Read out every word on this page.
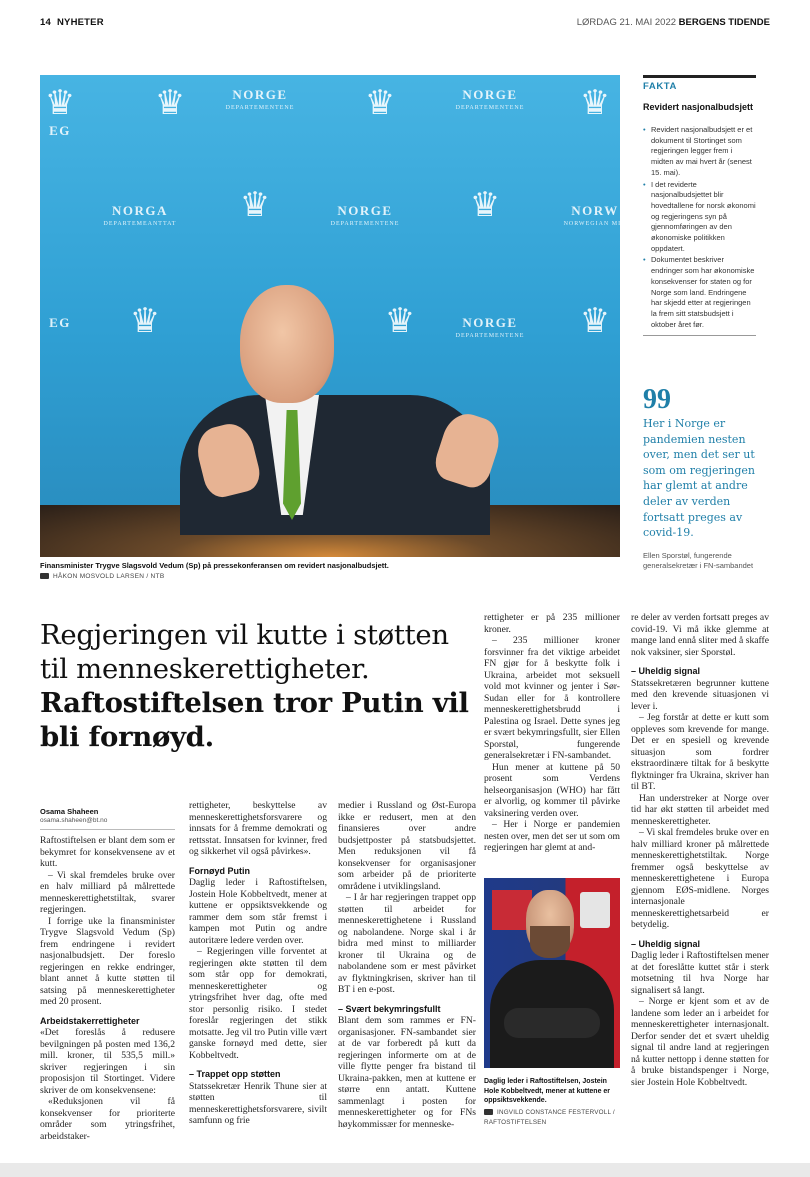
14 NYHETER	LØRDAG 21. MAI 2022 BERGENS TIDENDE
♛
EG
♛	NORGE
DEPARTEMENTENE	♛	NORGE
DEPARTEMENTENE	♛
NORGA
DEPARTEMEANTTAT	♛	NORGE
DEPARTEMENTENE	♛	NORW
NORWEGIAN MIN
EG	♛	♛	NORGE
DEPARTEMENTENE	♛
Finansminister Trygve Slagsvold Vedum (Sp) på pressekonferansen om revidert nasjonalbudsjett.
HÅKON MOSVOLD LARSEN / NTB
FAKTA
Revidert nasjonalbudsjett
• Revidert nasjonalbudsjett er et dokument til Stortinget som regjeringen legger frem i midten av mai hvert år (senest 15. mai).
• I det reviderte nasjonalbudsjettet blir hovedtallene for norsk økonomi og regjeringens syn på gjennomføringen av den økonomiske politikken oppdatert.
• Dokumentet beskriver endringer som har økonomiske konsekvenser for staten og for Norge som land. Endringene har skjedd etter at regjeringen la frem sitt statsbudsjett i oktober året før.
99
Her i Norge er pandemien nesten over, men det ser ut som om regjeringen har glemt at andre deler av verden fortsatt preges av covid-19.
Ellen Sporstøl, fungerende generalsekretær i FN-sambandet
Regjeringen vil kutte i støtten til menneskerettigheter. Raftostiftelsen tror Putin vil bli fornøyd.
Osama Shaheen
osama.shaheen@bt.no

Raftostiftelsen er blant dem som er bekymret for konsekvensene av et kutt.

– Vi skal fremdeles bruke over en halv milliard på målrettede menneskerettighetstiltak, svarer regjeringen.

I forrige uke la finansminister Trygve Slagsvold Vedum (Sp) frem endringene i revidert nasjonalbudsjett. Der foreslo regjeringen en rekke endringer, blant annet å kutte støtten til satsing på menneskerettigheter med 20 prosent.

Arbeidstakerrettigheter

«Det foreslås å redusere bevilgningen på posten med 136,2 mill. kroner, til 535,5 mill.» skriver regjeringen i sin proposisjon til Stortinget. Videre skriver de om konsekvensene:

«Reduksjonen vil få konsekvenser for prioriterte områder som ytringsfrihet, arbeidstaker-

rettigheter, beskyttelse av menneskerettighetsforsvarere og innsats for å fremme demokrati og rettsstat. Innsatsen for kvinner, fred og sikkerhet vil også påvirkes».

Fornøyd Putin

Daglig leder i Raftostiftelsen, Jostein Hole Kobbeltvedt, mener at kuttene er oppsiktsvekkende og rammer dem som står fremst i kampen mot Putin og andre autoritære ledere verden over.

– Regjeringen ville forventet at regjeringen økte støtten til dem som står opp for demokrati, menneskerettigheter og ytringsfrihet hver dag, ofte med stor personlig risiko. I stedet foreslår regjeringen det stikk motsatte. Jeg vil tro Putin ville vært ganske fornøyd med dette, sier Kobbeltvedt.

– Trappet opp støtten

Statssekretær Henrik Thune sier at støtten til menneskerettighetsforsvarere, sivilt samfunn og frie

medier i Russland og Øst-Europa ikke er redusert, men at den finansieres over andre budsjettposter på statsbudsjettet. Men reduksjonen vil få konsekvenser for organisasjoner som arbeider på de prioriterte områdene i utviklingsland.

– I år har regjeringen trappet opp støtten til arbeidet for menneskerettighetene i Russland og nabolandene. Norge skal i år bidra med minst to milliarder kroner til Ukraina og de nabolandene som er mest påvirket av flyktningkrisen, skriver han til BT i en e-post.

– Svært bekymringsfullt

Blant dem som rammes er FN-organisasjoner. FN-sambandet sier at de var forberedt på kutt da regjeringen informerte om at de ville flytte penger fra bistand til Ukraina-pakken, men at kuttene er større enn antatt. Kuttene sammenlagt i posten for menneskerettigheter og for FNs høykommissær for menneske-

rettigheter er på 235 millioner kroner.

– 235 millioner kroner forsvinner fra det viktige arbeidet FN gjør for å beskytte folk i Ukraina, arbeidet mot seksuell vold mot kvinner og jenter i Sør-Sudan eller for å kontrollere menneskerettighetsbrudd i Palestina og Israel. Dette synes jeg er svært bekymringsfullt, sier Ellen Sporstøl, fungerende generalsekretær i FN-sambandet.

Hun mener at kuttene på 50 prosent som Verdens helseorganisasjon (WHO) har fått er alvorlig, og kommer til påvirke vaksinering verden over.

– Her i Norge er pandemien nesten over, men det ser ut som om regjeringen har glemt at and-

re deler av verden fortsatt preges av covid-19. Vi må ikke glemme at mange land ennå sliter med å skaffe nok vaksiner, sier Sporstøl.

– Uheldig signal

Statssekretæren begrunner kuttene med den krevende situasjonen vi lever i.

– Jeg forstår at dette er kutt som oppleves som krevende for mange. Det er en spesiell og krevende situasjon som fordrer ekstraordinære tiltak for å beskytte flyktninger fra Ukraina, skriver han til BT.

Han understreker at Norge over tid har økt støtten til arbeidet med menneskerettigheter.

– Vi skal fremdeles bruke over en halv milliard kroner på målrettede menneskerettighetstiltak. Norge fremmer også beskyttelse av menneskerettighetene i Europa gjennom EØS-midlene. Norges internasjonale menneskerettighetsarbeid er betydelig.

– Uheldig signal

Daglig leder i Raftostiftelsen mener at det foreslåtte kuttet står i sterk motsetning til hva Norge har signalisert så langt.

– Norge er kjent som et av de landene som leder an i arbeidet for menneskerettigheter internasjonalt. Derfor sender det et svært uheldig signal til andre land at regjeringen nå kutter nettopp i denne støtten for å bruke bistandspenger i Norge, sier Jostein Hole Kobbeltvedt.

Daglig leder i Raftostiftelsen, Jostein Hole Kobbeltvedt, mener at kuttene er oppsiktsvekkende.
INGVILD CONSTANCE FESTERVOLL / RAFTOSTIFTELSEN
